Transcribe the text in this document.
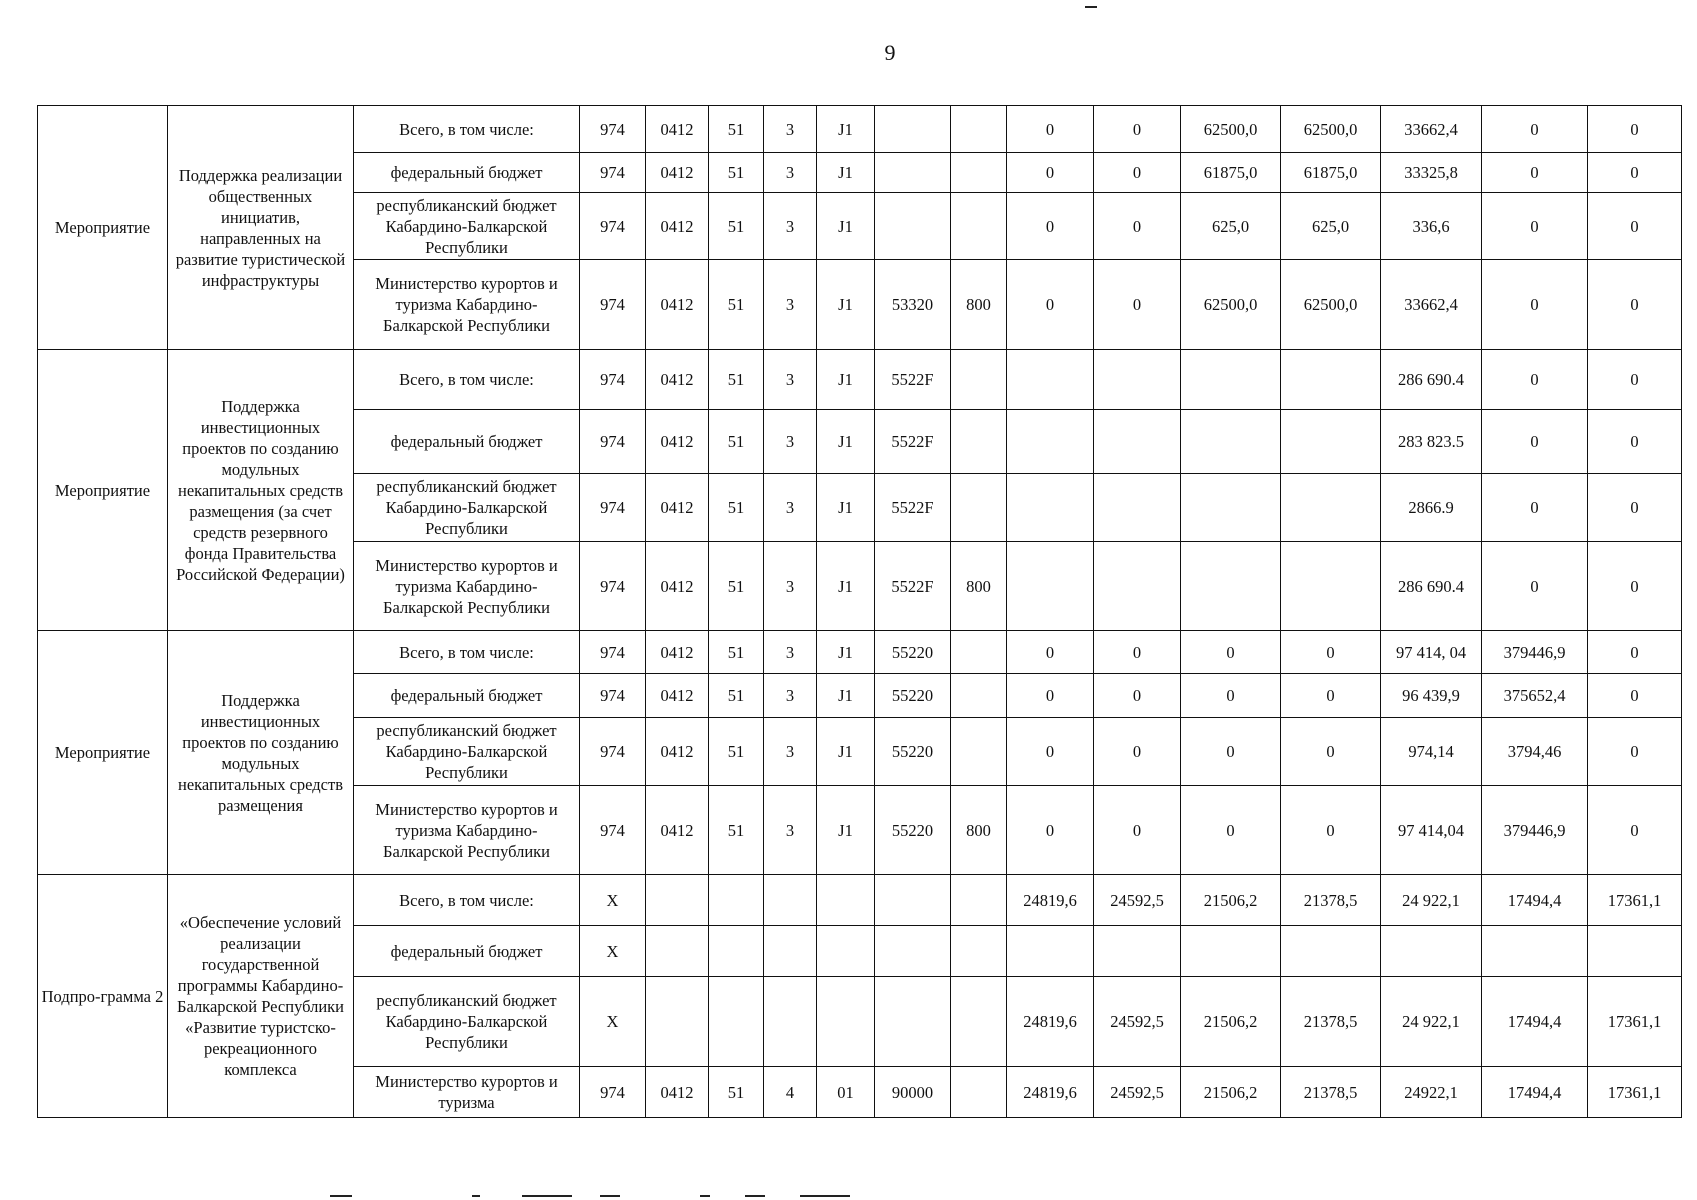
9
Мероприятие	Поддержка реализации общественных инициатив, направленных на развитие туристической инфраструктуры	Всего, в том числе:	974	0412	51	3	J1			0	0	62500,0	62500,0	33662,4	0	0
		федеральный бюджет	974	0412	51	3	J1			0	0	61875,0	61875,0	33325,8	0	0
		республиканский бюджет Кабардино-Балкарской Республики	974	0412	51	3	J1			0	0	625,0	625,0	336,6	0	0
		Министерство курортов и туризма Кабардино-Балкарской Республики	974	0412	51	3	J1	53320	800	0	0	62500,0	62500,0	33662,4	0	0
Мероприятие	Поддержка инвестиционных проектов по созданию модульных некапитальных средств размещения (за счет средств резервного фонда Правительства Российской Федерации)	Всего, в том числе:	974	0412	51	3	J1	5522F						286 690.4	0	0
		федеральный бюджет	974	0412	51	3	J1	5522F						283 823.5	0	0
		республиканский бюджет Кабардино-Балкарской Республики	974	0412	51	3	J1	5522F						2866.9	0	0
		Министерство курортов и туризма Кабардино-Балкарской Республики	974	0412	51	3	J1	5522F	800					286 690.4	0	0
Мероприятие	Поддержка инвестиционных проектов по созданию модульных некапитальных средств размещения	Всего, в том числе:	974	0412	51	3	J1	55220		0	0	0	0	97 414, 04	379446,9	0
		федеральный бюджет	974	0412	51	3	J1	55220		0	0	0	0	96 439,9	375652,4	0
		республиканский бюджет Кабардино-Балкарской Республики	974	0412	51	3	J1	55220		0	0	0	0	974,14	3794,46	0
		Министерство курортов и туризма Кабардино-Балкарской Республики	974	0412	51	3	J1	55220	800	0	0	0	0	97 414,04	379446,9	0
Подпро-грамма 2	«Обеспечение условий реализации государственной программы Кабардино-Балкарской Республики «Развитие туристско-рекреационного комплекса	Всего, в том числе:	X							24819,6	24592,5	21506,2	21378,5	24 922,1	17494,4	17361,1
		федеральный бюджет	X													
		республиканский бюджет Кабардино-Балкарской Республики	X							24819,6	24592,5	21506,2	21378,5	24 922,1	17494,4	17361,1
		Министерство курортов и туризма	974	0412	51	4	01	90000		24819,6	24592,5	21506,2	21378,5	24922,1	17494,4	17361,1
